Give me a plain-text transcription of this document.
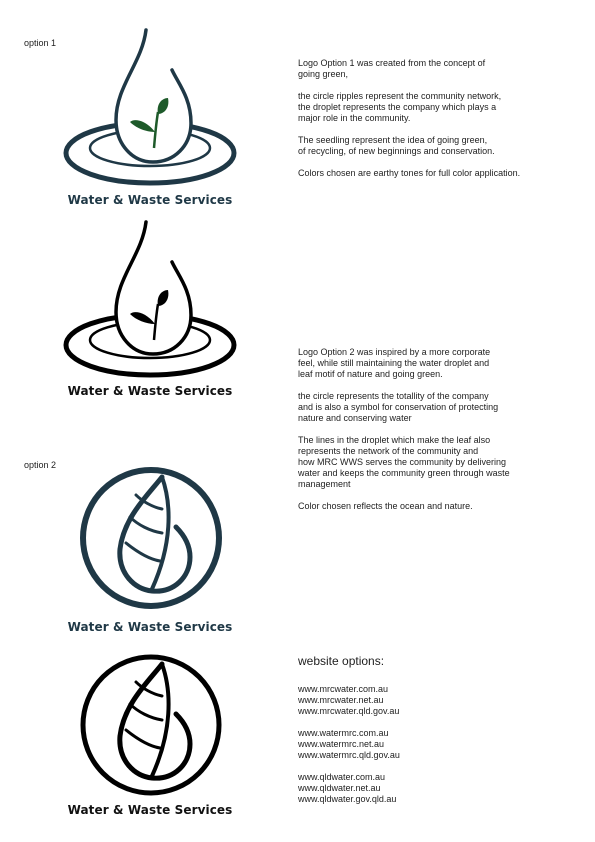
option 1
Water & Waste Services

Logo Option 1 was created from the concept of
going green,

the circle ripples represent the community network,
the droplet represents the company which plays a
major role in the community.

The seedling represent the idea of going green,
of recycling, of new beginnings and conservation.

Colors chosen are earthy tones for full color application.

Water & Waste Services
option 2

Logo Option 2 was inspired by a more corporate
feel, while still maintaining the water droplet and
leaf motif of nature and going green.

the circle represents the totallity of the company
and is also a symbol for conservation of protecting
nature and conserving water

The lines in the droplet which make the leaf also
represents the network of the community and
how MRC WWS serves the community by delivering
water and keeps the community green through waste
management

Color chosen reflects the ocean and nature.

Water & Waste Services
Water & Waste Services
website options:
www.mrcwater.com.au
www.mrcwater.net.au
www.mrcwater.qld.gov.au
www.watermrc.com.au
www.watermrc.net.au
www.watermrc.qld.gov.au
www.qldwater.com.au
www.qldwater.net.au
www.qldwater.gov.qld.au
